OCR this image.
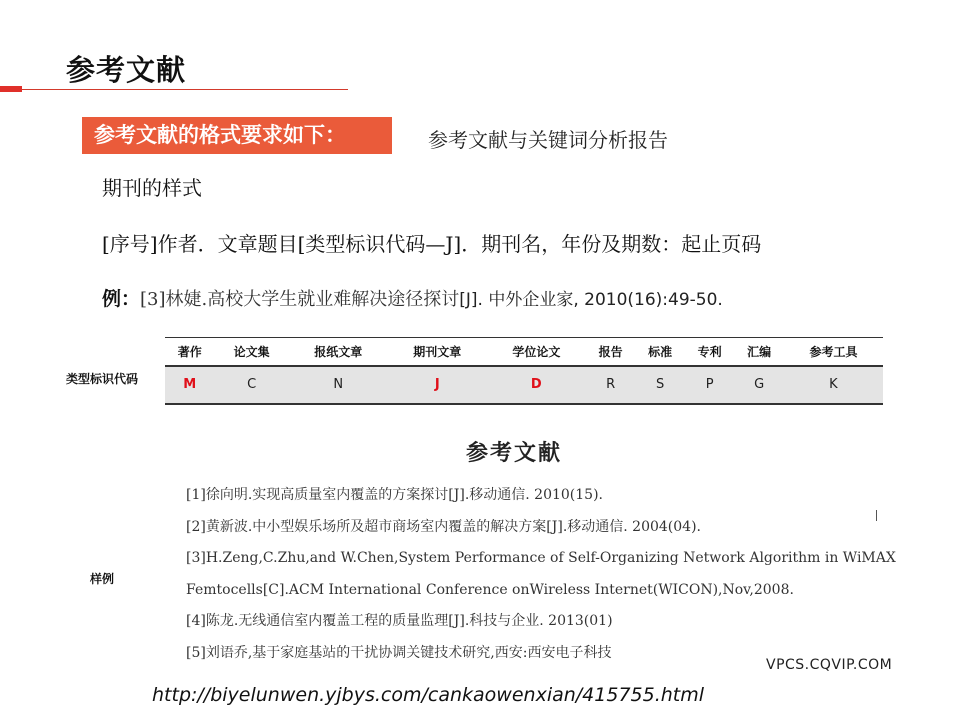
参考文献
参考文献的格式要求如下：	参考文献与关键词分析报告
期刊的样式
[序号]作者．文章题目[类型标识代码—J]．期刊名，年份及期数：起止页码
例：[3]林婕.高校大学生就业难解决途径探讨[J]. 中外企业家, 2010(16):49-50.
类型标识代码
著作	论文集	报纸文章	期刊文章	学位论文	报告	标准	专利	汇编	参考工具
M	C	N	J	D	R	S	P	G	K
样例
参考文献
[1]徐向明.实现高质量室内覆盖的方案探讨[J].移动通信. 2010(15).
[2]黄新波.中小型娱乐场所及超市商场室内覆盖的解决方案[J].移动通信. 2004(04).
[3]H.Zeng,C.Zhu,and W.Chen,System Performance of Self-Organizing Network Algorithm in WiMAX
Femtocells[C].ACM International Conference onWireless Internet(WICON),Nov,2008.
[4]陈龙.无线通信室内覆盖工程的质量监理[J].科技与企业. 2013(01)
[5]刘语乔,基于家庭基站的干扰协调关键技术研究,西安:西安电子科技
VPCS.CQVIP.COM
http://biyelunwen.yjbys.com/cankaowenxian/415755.html
